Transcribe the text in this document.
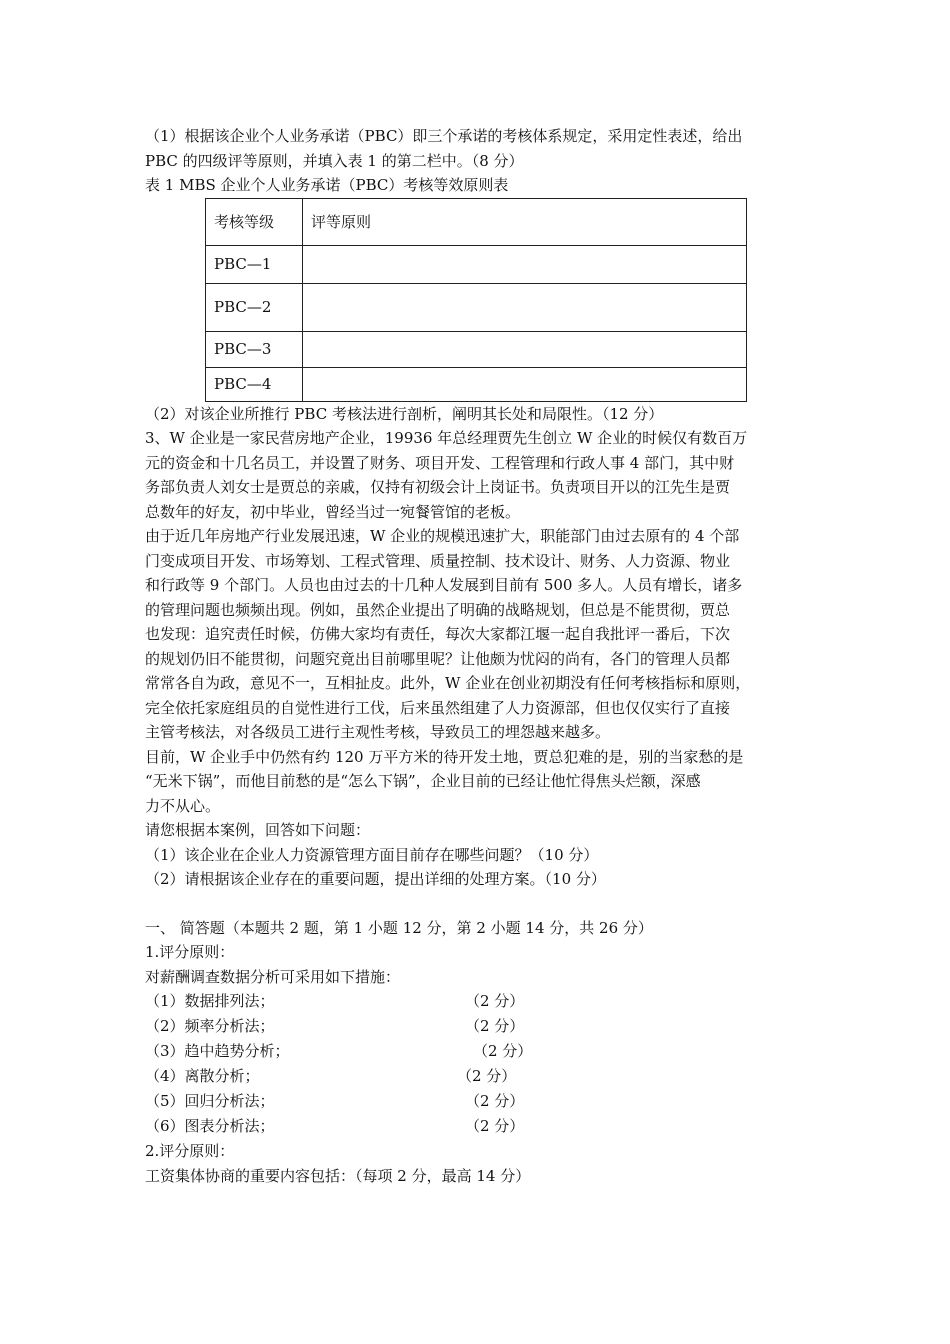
（1）根据该企业个人业务承诺（PBC）即三个承诺的考核体系规定，采用定性表述，给出
PBC 的四级评等原则，并填入表 1 的第二栏中。（8 分）
表 1 MBS 企业个人业务承诺（PBC）考核等效原则表
考核等级	评等原则
PBC—1	
PBC—2	
PBC—3	
PBC—4	
（2）对该企业所推行 PBC 考核法进行剖析，阐明其长处和局限性。（12 分）
3、W 企业是一家民营房地产企业，19936 年总经理贾先生创立 W 企业的时候仅有数百万
元的资金和十几名员工，并设置了财务、项目开发、工程管理和行政人事 4 部门，其中财
务部负责人刘女士是贾总的亲戚，仅持有初级会计上岗证书。负责项目开以的江先生是贾
总数年的好友，初中毕业，曾经当过一宛餐管馆的老板。
由于近几年房地产行业发展迅速，W 企业的规模迅速扩大，职能部门由过去原有的 4 个部
门变成项目开发、市场筹划、工程式管理、质量控制、技术设计、财务、人力资源、物业
和行政等 9 个部门。人员也由过去的十几种人发展到目前有 500 多人。人员有增长，诸多
的管理问题也频频出现。例如，虽然企业提出了明确的战略规划，但总是不能贯彻，贾总
也发现：追究责任时候，仿佛大家均有责任，每次大家都江堰一起自我批评一番后，下次
的规划仍旧不能贯彻，问题究竟出目前哪里呢？让他颇为忧闷的尚有，各门的管理人员都
常常各自为政，意见不一，互相扯皮。此外，W 企业在创业初期没有任何考核指标和原则，
完全依托家庭组员的自觉性进行工伐，后来虽然组建了人力资源部，但也仅仅实行了直接
主管考核法，对各级员工进行主观性考核，导致员工的埋怨越来越多。
目前，W 企业手中仍然有约 120 万平方米的待开发土地，贾总犯难的是，别的当家愁的是
“无米下锅”，而他目前愁的是“怎么下锅”，企业目前的已经让他忙得焦头烂额，深感
力不从心。
请您根据本案例，回答如下问题：
（1）该企业在企业人力资源管理方面目前存在哪些问题？（10 分）
（2）请根据该企业存在的重要问题，提出详细的处理方案。（10 分）
一、 简答题（本题共 2 题，第 1 小题 12 分，第 2 小题 14 分，共 26 分）
1.评分原则：
对薪酬调查数据分析可采用如下措施：
（1）数据排列法；	（2 分）
（2）频率分析法；	（2 分）
（3）趋中趋势分析；	（2 分）
（4）离散分析；	（2 分）
（5）回归分析法；	（2 分）
（6）图表分析法；	（2 分）
2.评分原则：
工资集体协商的重要内容包括：（每项 2 分，最高 14 分）
